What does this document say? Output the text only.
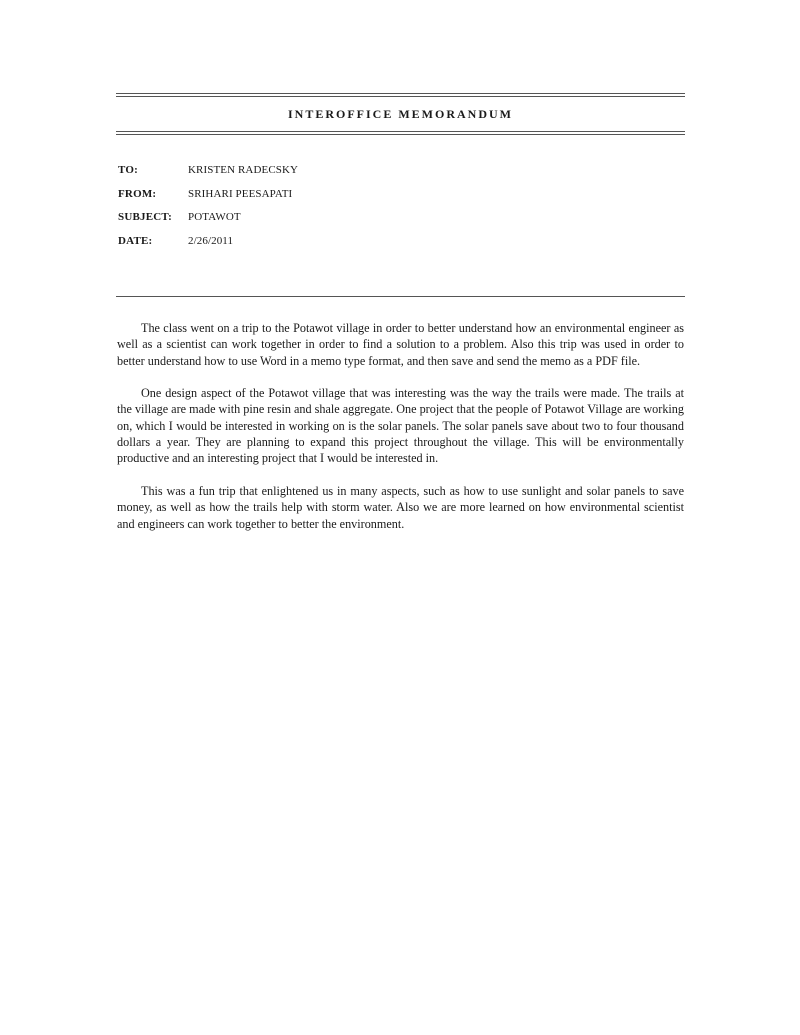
INTEROFFICE MEMORANDUM
TO:	KRISTEN RADECSKY
FROM:	SRIHARI PEESAPATI
SUBJECT:	POTAWOT
DATE:	2/26/2011

The class went on a trip to the Potawot village in order to better understand how an environmental engineer as well as a scientist can work together in order to find a solution to a problem. Also this trip was used in order to better understand how to use Word in a memo type format, and then save and send the memo as a PDF file.

One design aspect of the Potawot village that was interesting was the way the trails were made. The trails at the village are made with pine resin and shale aggregate. One project that the people of Potawot Village are working on, which I would be interested in working on is the solar panels. The solar panels save about two to four thousand dollars a year. They are planning to expand this project throughout the village. This will be environmentally productive and an interesting project that I would be interested in.

This was a fun trip that enlightened us in many aspects, such as how to use sunlight and solar panels to save money, as well as how the trails help with storm water. Also we are more learned on how environmental scientist and engineers can work together to better the environment.
